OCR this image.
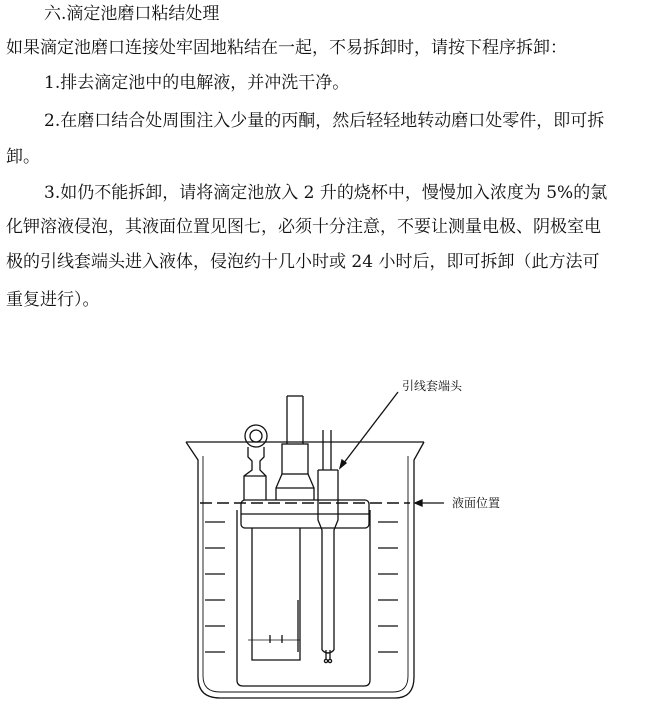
六.滴定池磨口粘结处理
如果滴定池磨口连接处牢固地粘结在一起，不易拆卸时，请按下程序拆卸：
1.排去滴定池中的电解液，并冲洗干净。
2.在磨口结合处周围注入少量的丙酮，然后轻轻地转动磨口处零件，即可拆
卸。
3.如仍不能拆卸，请将滴定池放入 2 升的烧杯中，慢慢加入浓度为 5%的氯
化钾溶液侵泡，其液面位置见图七，必须十分注意，不要让测量电极、阴极室电
极的引线套端头进入液体，侵泡约十几小时或 24 小时后，即可拆卸（此方法可
重复进行）。
引线套端头
液面位置
